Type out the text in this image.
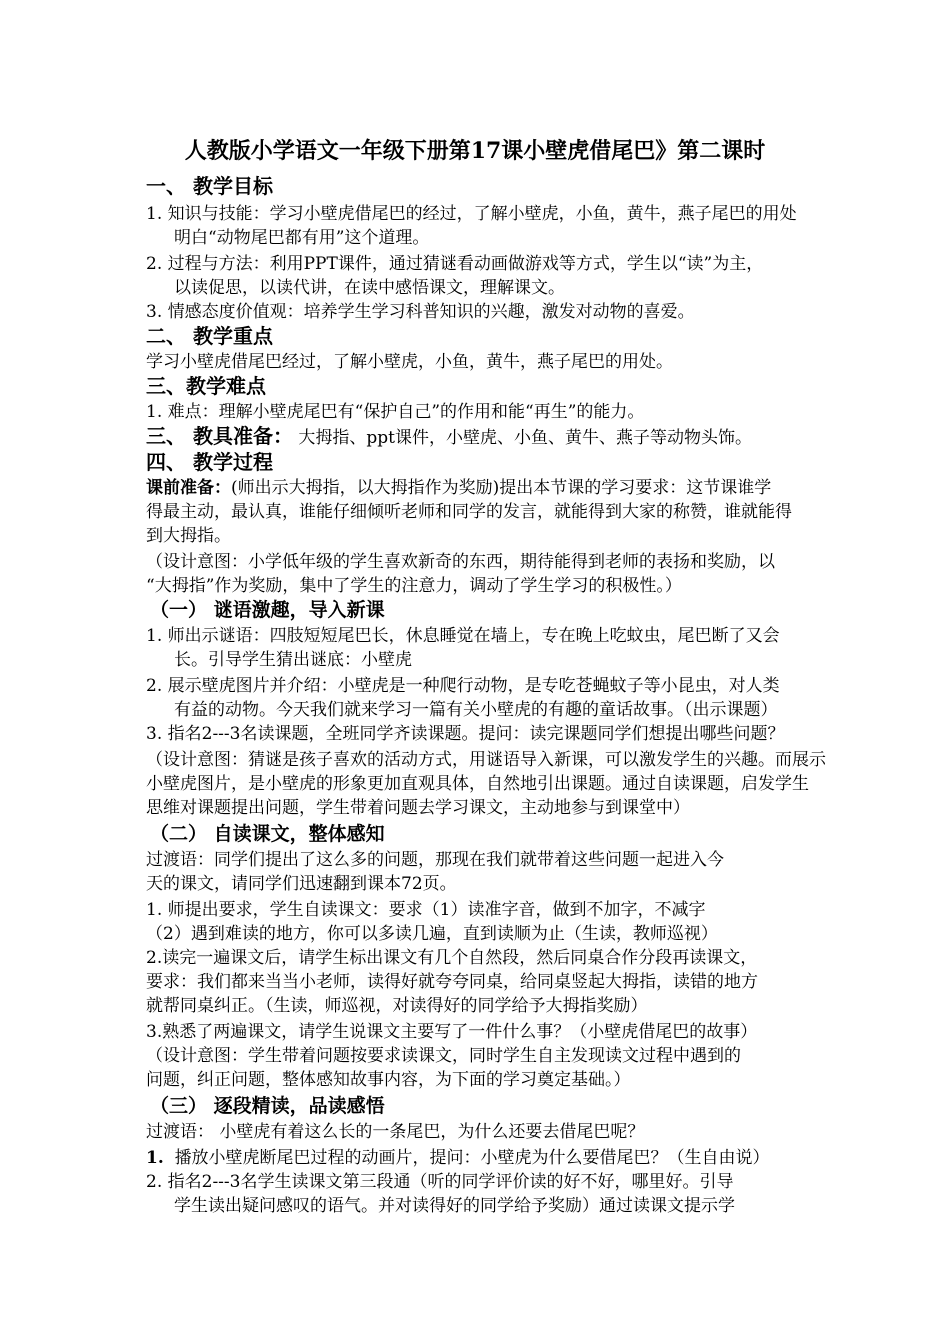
人教版小学语文一年级下册第17课小壁虎借尾巴》第二课时
一、 教学目标
1. 知识与技能：学习小壁虎借尾巴的经过，了解小壁虎，小鱼，黄牛，燕子尾巴的用处
明白“动物尾巴都有用”这个道理。
2. 过程与方法：利用PPT课件，通过猜谜看动画做游戏等方式，学生以“读”为主，
以读促思，以读代讲，在读中感悟课文，理解课文。
3. 情感态度价值观：培养学生学习科普知识的兴趣，激发对动物的喜爱。
二、 教学重点
学习小壁虎借尾巴经过，了解小壁虎，小鱼，黄牛，燕子尾巴的用处。
三、教学难点
1. 难点：理解小壁虎尾巴有“保护自己”的作用和能“再生”的能力。
三、 教具准备： 大拇指、ppt课件，小壁虎、小鱼、黄牛、燕子等动物头饰。
四、 教学过程
课前准备：(师出示大拇指，以大拇指作为奖励)提出本节课的学习要求：这节课谁学
得最主动，最认真，谁能仔细倾听老师和同学的发言，就能得到大家的称赞，谁就能得
到大拇指。
（设计意图：小学低年级的学生喜欢新奇的东西，期待能得到老师的表扬和奖励，以
“大拇指”作为奖励，集中了学生的注意力，调动了学生学习的积极性。）
（一） 谜语激趣，导入新课
1. 师出示谜语：四肢短短尾巴长，休息睡觉在墙上，专在晚上吃蚊虫，尾巴断了又会
长。引导学生猜出谜底：小壁虎
2. 展示壁虎图片并介绍：小壁虎是一种爬行动物，是专吃苍蝇蚊子等小昆虫，对人类
有益的动物。今天我们就来学习一篇有关小壁虎的有趣的童话故事。（出示课题）
3. 指名2---3名读课题，全班同学齐读课题。提问：读完课题同学们想提出哪些问题？
（设计意图：猜谜是孩子喜欢的活动方式，用谜语导入新课，可以激发学生的兴趣。而展示
小壁虎图片，是小壁虎的形象更加直观具体，自然地引出课题。通过自读课题，启发学生
思维对课题提出问题，学生带着问题去学习课文，主动地参与到课堂中）
（二） 自读课文，整体感知
过渡语：同学们提出了这么多的问题，那现在我们就带着这些问题一起进入今
天的课文，请同学们迅速翻到课本72页。
1. 师提出要求，学生自读课文：要求（1）读准字音，做到不加字，不减字
（2）遇到难读的地方，你可以多读几遍，直到读顺为止（生读，教师巡视）
2.读完一遍课文后，请学生标出课文有几个自然段，然后同桌合作分段再读课文，
要求：我们都来当当小老师，读得好就夸夸同桌，给同桌竖起大拇指，读错的地方
就帮同桌纠正。（生读，师巡视，对读得好的同学给予大拇指奖励）
3.熟悉了两遍课文，请学生说课文主要写了一件什么事？（小壁虎借尾巴的故事）
（设计意图：学生带着问题按要求读课文，同时学生自主发现读文过程中遇到的
问题，纠正问题，整体感知故事内容，为下面的学习奠定基础。）
（三） 逐段精读，品读感悟
过渡语： 小壁虎有着这么长的一条尾巴，为什么还要去借尾巴呢？
1. 播放小壁虎断尾巴过程的动画片，提问：小壁虎为什么要借尾巴？（生自由说）
2. 指名2---3名学生读课文第三段通（听的同学评价读的好不好，哪里好。引导
学生读出疑问感叹的语气。并对读得好的同学给予奖励）通过读课文提示学
